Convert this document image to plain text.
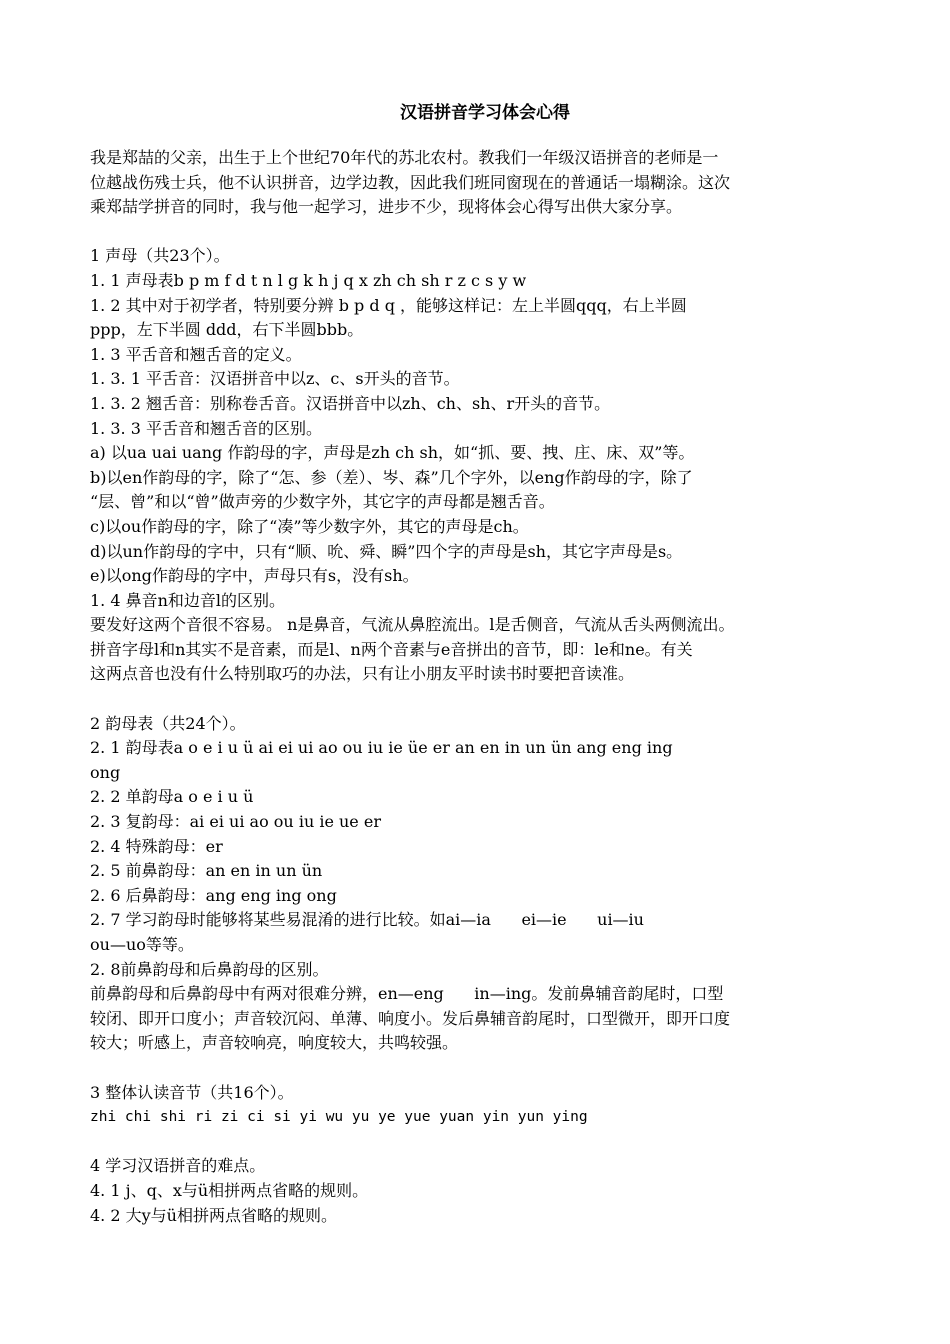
汉语拼音学习体会心得
我是郑喆的父亲，出生于上个世纪70年代的苏北农村。教我们一年级汉语拼音的老师是一
位越战伤残士兵，他不认识拼音，边学边教，因此我们班同窗现在的普通话一塌糊涂。这次
乘郑喆学拼音的同时，我与他一起学习，进步不少，现将体会心得写出供大家分享。
1 声母（共23个）。
1. 1 声母表b p m f d t n l g k h j q x zh ch sh r z c s y w
1. 2 其中对于初学者，特别要分辨 b p d q ，能够这样记：左上半圆qqq，右上半圆
ppp，左下半圆 ddd，右下半圆bbb。
1. 3 平舌音和翘舌音的定义。
1. 3. 1 平舌音：汉语拼音中以z、c、s开头的音节。
1. 3. 2 翘舌音：别称卷舌音。汉语拼音中以zh、ch、sh、r开头的音节。
1. 3. 3 平舌音和翘舌音的区别。
a) 以ua uai uang 作韵母的字，声母是zh ch sh，如“抓、要、拽、庄、床、双”等。
b)以en作韵母的字，除了“怎、参（差）、岑、森”几个字外，以eng作韵母的字，除了
“层、曾”和以“曾”做声旁的少数字外，其它字的声母都是翘舌音。
c)以ou作韵母的字，除了“凑”等少数字外，其它的声母是ch。
d)以un作韵母的字中，只有“顺、吮、舜、瞬”四个字的声母是sh，其它字声母是s。
e)以ong作韵母的字中，声母只有s，没有sh。
1. 4 鼻音n和边音l的区别。
要发好这两个音很不容易。 n是鼻音，气流从鼻腔流出。l是舌侧音，气流从舌头两侧流出。
拼音字母l和n其实不是音素，而是l、n两个音素与e音拼出的音节，即：le和ne。有关
这两点音也没有什么特别取巧的办法，只有让小朋友平时读书时要把音读准。
2 韵母表（共24个）。
2. 1 韵母表a o e i u ü ai ei ui ao ou iu ie üe er an en in un ün ang eng ing
ong
2. 2 单韵母a o e i u ü
2. 3 复韵母：ai ei ui ao ou iu ie ue er
2. 4 特殊韵母：er
2. 5 前鼻韵母：an en in un ün
2. 6 后鼻韵母：ang eng ing ong
2. 7 学习韵母时能够将某些易混淆的进行比较。如ai—ia      ei—ie      ui—iu
ou—uo等等。
2. 8前鼻韵母和后鼻韵母的区别。
前鼻韵母和后鼻韵母中有两对很难分辨，en—eng      in—ing。发前鼻辅音韵尾时，口型
较闭、即开口度小；声音较沉闷、单薄、响度小。发后鼻辅音韵尾时，口型微开，即开口度
较大；听感上，声音较响亮，响度较大，共鸣较强。
3 整体认读音节（共16个）。
zhi chi shi ri zi ci si yi wu yu ye yue yuan yin yun ying
4 学习汉语拼音的难点。
4. 1 j、q、x与ü相拼两点省略的规则。
4. 2 大y与ü相拼两点省略的规则。
